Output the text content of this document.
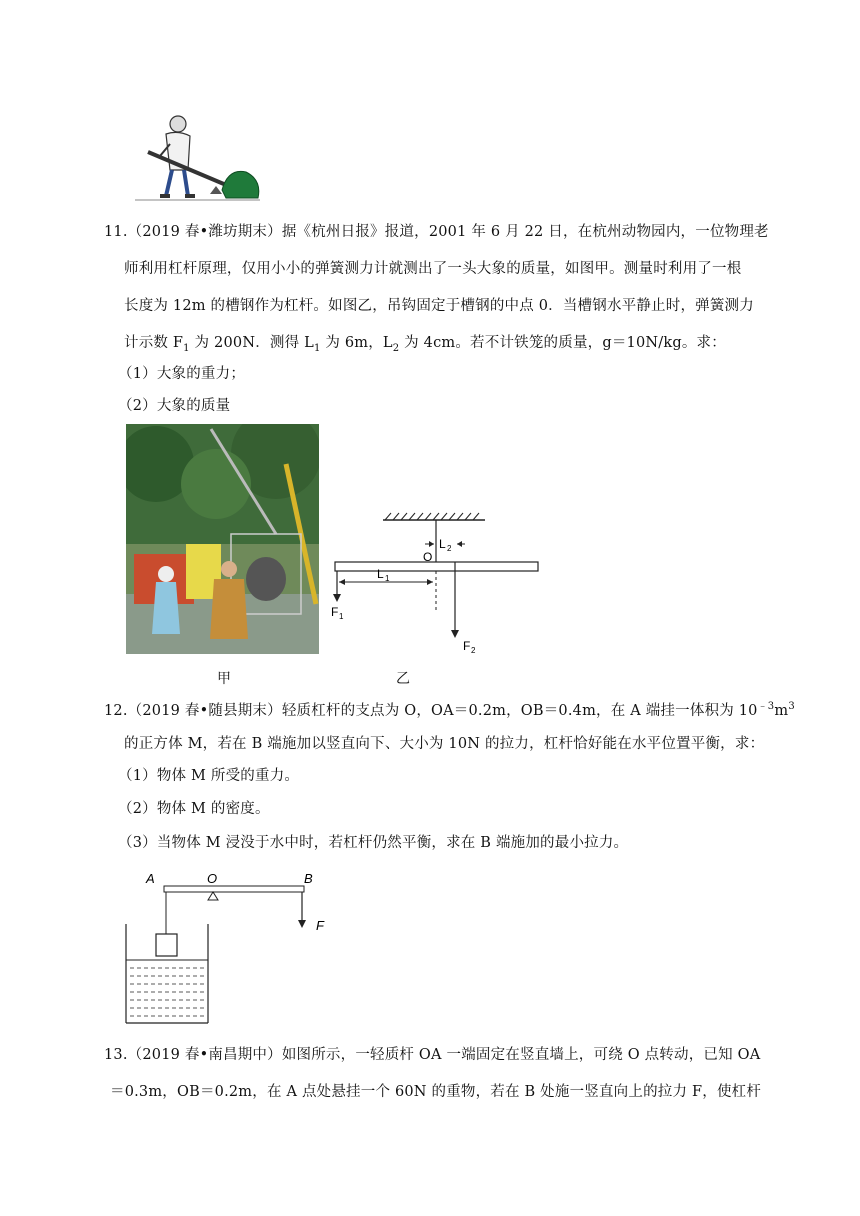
11.（2019 春•潍坊期末）据《杭州日报》报道，2001 年 6 月 22 日，在杭州动物园内，一位物理老
师利用杠杆原理，仅用小小的弹簧测力计就测出了一头大象的质量，如图甲。测量时利用了一根
长度为 12m 的槽钢作为杠杆。如图乙，吊钩固定于槽钢的中点 0．当槽钢水平静止时，弹簧测力
计示数 $F_1$ 为 200N．测得 $L_1$ 为 6m，$L_2$ 为 4cm。若不计铁笼的质量，g＝10N/kg。求：
（1）大象的重力；
（2）大象的质量
甲
O
L 2
L 1
F 1
F 2
乙
12.（2019 春•随县期末）轻质杠杆的支点为 O，OA＝0.2m，OB＝0.4m，在 A 端挂一体积为 $10^{﹣3}m^3$
的正方体 M，若在 B 端施加以竖直向下、大小为 10N 的拉力，杠杆恰好能在水平位置平衡，求：
（1）物体 M 所受的重力。
（2）物体 M 的密度。
（3）当物体 M 浸没于水中时，若杠杆仍然平衡，求在 B 端施加的最小拉力。
A	O	B
F
13.（2019 春•南昌期中）如图所示，一轻质杆 OA 一端固定在竖直墙上，可绕 O 点转动，已知 OA
＝0.3m，OB＝0.2m，在 A 点处悬挂一个 60N 的重物，若在 B 处施一竖直向上的拉力 F，使杠杆
